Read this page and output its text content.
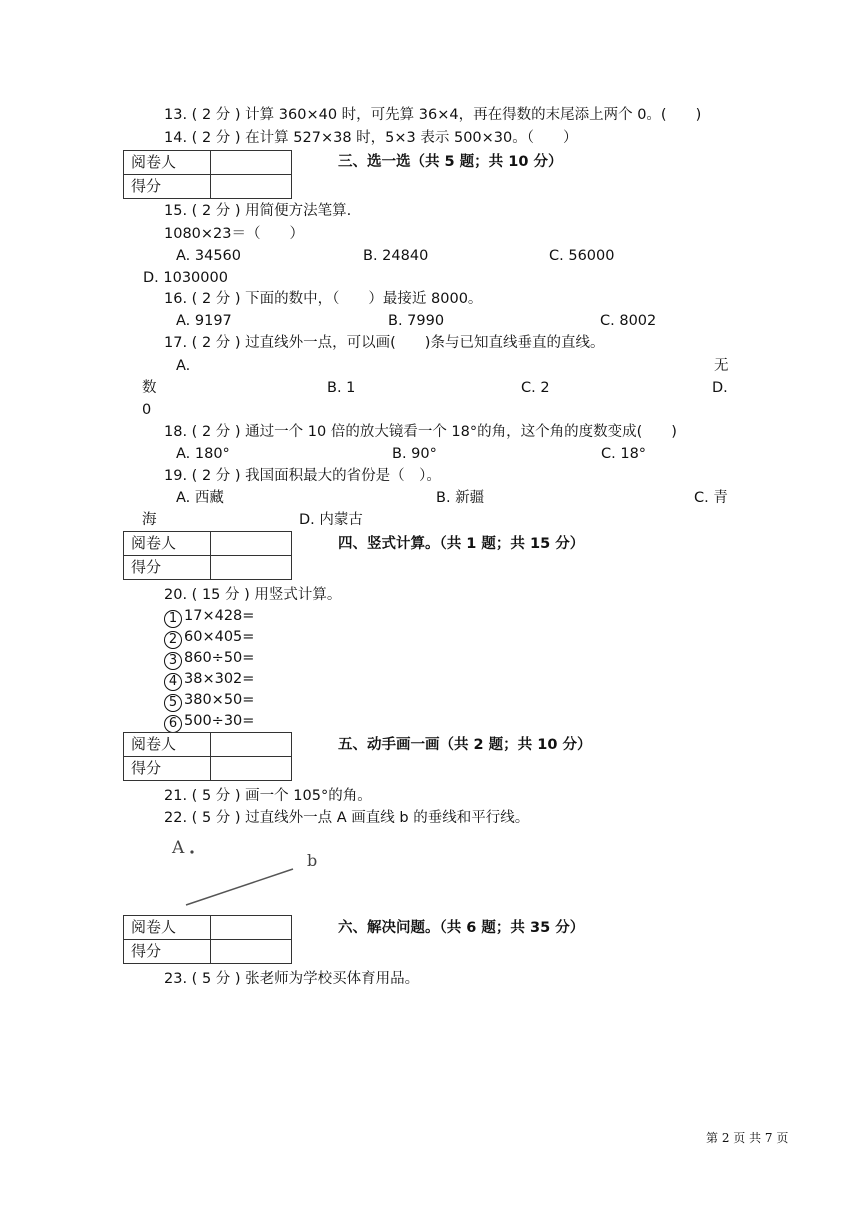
13. ( 2 分 ) 计算 360×40 时，可先算 36×4，再在得数的末尾添上两个 0。(　　)
14. ( 2 分 ) 在计算 527×38 时，5×3 表示 500×30。（　　）
阅卷人	
得分	
三、选一选（共 5 题；共 10 分）
15. ( 2 分 ) 用简便方法笔算.
1080×23＝（　　）
A. 34560	B. 24840	C. 56000
D. 1030000
16. ( 2 分 ) 下面的数中，（　　）最接近 8000。
A. 9197	B. 7990	C. 8002
17. ( 2 分 ) 过直线外一点，可以画(　　)条与已知直线垂直的直线。
A.	无
数	B. 1	C. 2	D.
0
18. ( 2 分 ) 通过一个 10 倍的放大镜看一个 18°的角，这个角的度数变成(　　)
A. 180°	B. 90°	C. 18°
19. ( 2 分 ) 我国面积最大的省份是（　）。
A. 西藏	B. 新疆	C. 青
海	D. 内蒙古
阅卷人	
得分	
四、竖式计算。（共 1 题；共 15 分）
20. ( 15 分 ) 用竖式计算。
1 17×428=
2 60×405=
3 860÷50=
4 38×302=
5 380×50=
6 500÷30=
阅卷人	
得分	
五、动手画一画（共 2 题；共 10 分）
21. ( 5 分 ) 画一个 105°的角。
22. ( 5 分 ) 过直线外一点 A 画直线 b 的垂线和平行线。
A
b
阅卷人	
得分	
六、解决问题。（共 6 题；共 35 分）
23. ( 5 分 ) 张老师为学校买体育用品。
第 2 页 共 7 页
